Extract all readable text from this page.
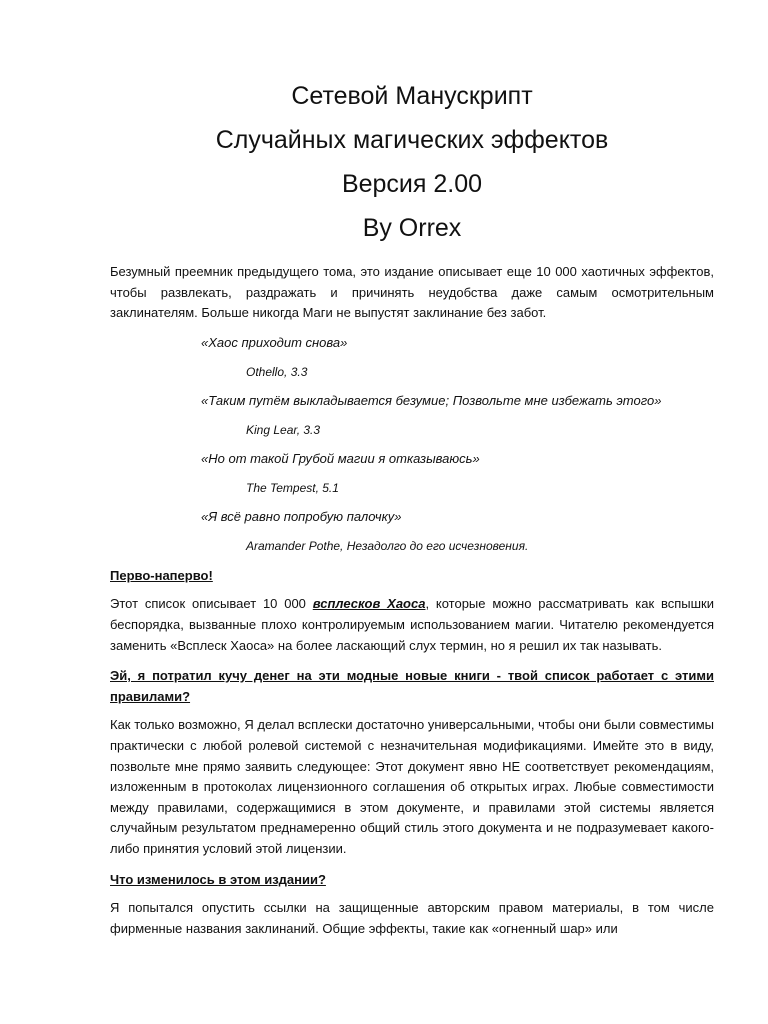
Сетевой Манускрипт
Случайных магических эффектов
Версия 2.00
By Orrex

Безумный преемник предыдущего тома, это издание описывает еще 10 000 хаотичных эффектов, чтобы развлекать, раздражать и причинять неудобства даже самым осмотрительным заклинателям. Больше никогда Маги не выпустят заклинание без забот.

«Хаос приходит снова»
Othello, 3.3
«Таким путём выкладывается безумие; Позвольте мне избежать этого»
King Lear, 3.3
«Но от такой Грубой магии я отказываюсь»
The Tempest, 5.1
«Я всё равно попробую палочку»
Aramander Pothe, Незадолго до его исчезновения.
Перво-наперво!

Этот список описывает 10 000 всплесков Хаоса, которые можно рассматривать как вспышки беспорядка, вызванные плохо контролируемым использованием магии. Читателю рекомендуется заменить «Всплеск Хаоса» на более ласкающий слух термин, но я решил их так называть.

Эй, я потратил кучу денег на эти модные новые книги - твой список работает с этими правилами?

Как только возможно, Я делал всплески достаточно универсальными, чтобы они были совместимы практически с любой ролевой системой с незначительная модификациями. Имейте это в виду, позвольте мне прямо заявить следующее: Этот документ явно НЕ соответствует рекомендациям, изложенным в протоколах лицензионного соглашения об открытых играх. Любые совместимости между правилами, содержащимися в этом документе, и правилами этой системы является случайным результатом преднамеренно общий стиль этого документа и не подразумевает какого-либо принятия условий этой лицензии.

Что изменилось в этом издании?

Я попытался опустить ссылки на защищенные авторским правом материалы, в том числе фирменные названия заклинаний. Общие эффекты, такие как «огненный шар» или
